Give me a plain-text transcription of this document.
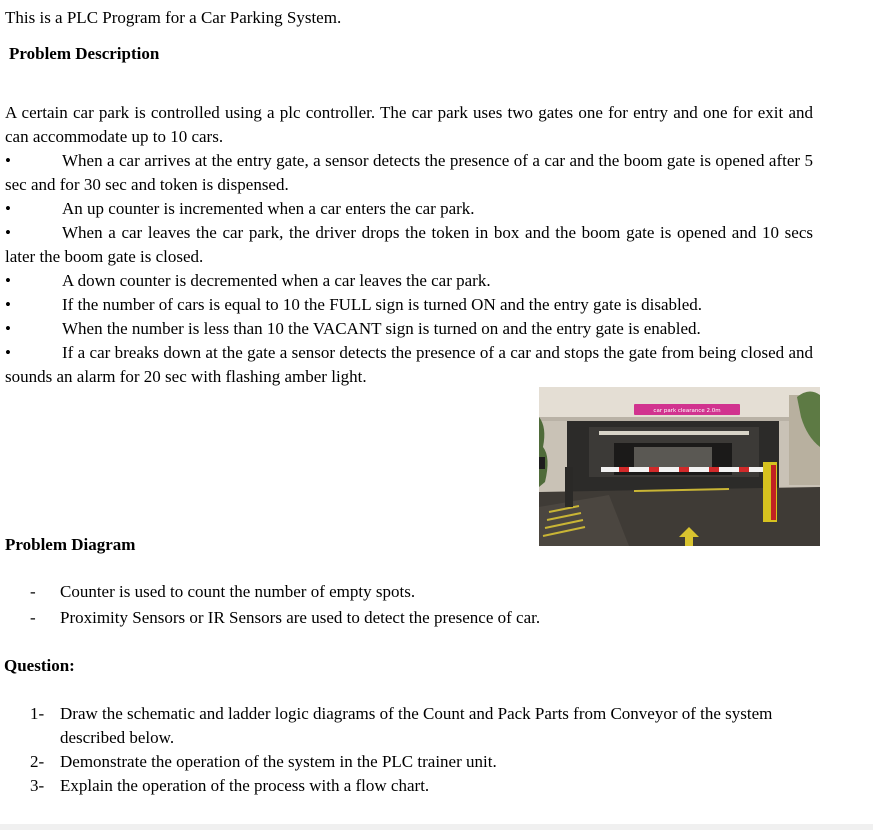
This is a PLC Program for a Car Parking System.
Problem Description

A certain car park is controlled using a plc controller. The car park uses two gates one for entry and one for exit and can accommodate up to 10 cars.

•	When a car arrives at the entry gate, a sensor detects the presence of a car and the boom gate is opened after 5 sec and for 30 sec and token is dispensed.
•	An up counter is incremented when a car enters the car park.
•	When a car leaves the car park, the driver drops the token in box and the boom gate is opened and 10 secs later the boom gate is closed.
•	A down counter is decremented when a car leaves the car park.
•	If the number of cars is equal to 10 the FULL sign is turned ON and the entry gate is disabled.
•	When the number is less than 10 the VACANT sign is turned on and the entry gate is enabled.
•	If a car breaks down at the gate a sensor detects the presence of a car and stops the gate from being closed and sounds an alarm for 20 sec with flashing amber light.
car park clearance 2.0m
Problem Diagram
-	Counter is used to count the number of empty spots.
-	Proximity Sensors or IR Sensors are used to detect the presence of car.
Question:
1- Draw the schematic and ladder logic diagrams of the Count and Pack Parts from Conveyor of the system described below.
2- Demonstrate the operation of the system in the PLC trainer unit.
3- Explain the operation of the process with a flow chart.
